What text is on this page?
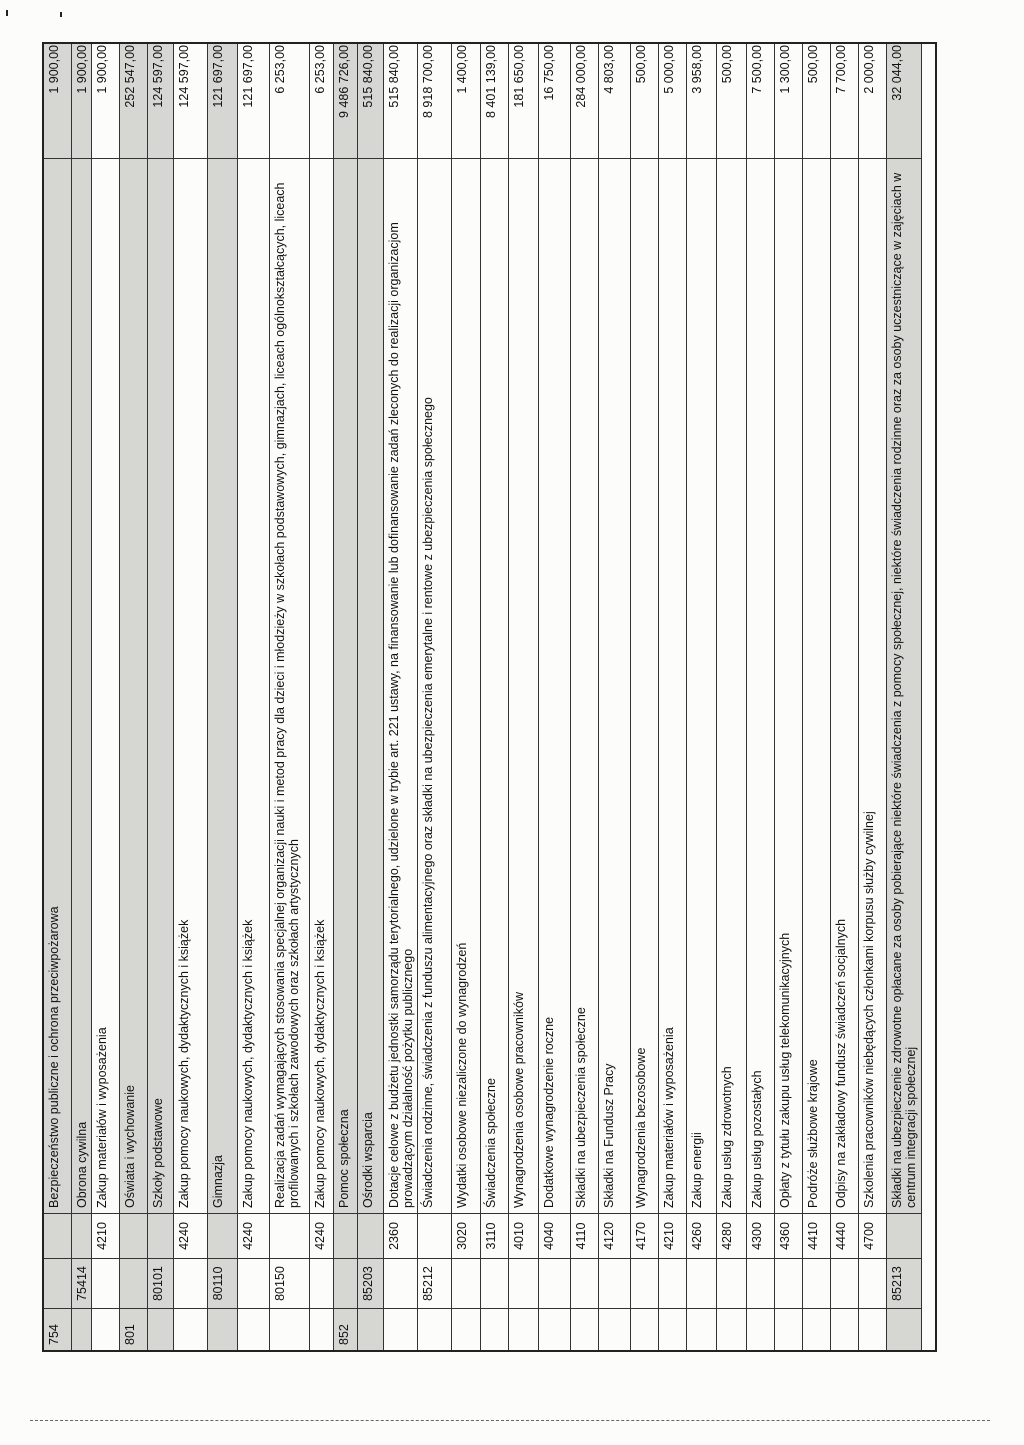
754
Bezpieczeństwo publiczne i ochrona przeciwpożarowa
1 900,00
75414
Obrona cywilna
1 900,00
4210
Zakup materiałów i wyposażenia
1 900,00
801
Oświata i wychowanie
252 547,00
80101
Szkoły podstawowe
124 597,00
4240
Zakup pomocy naukowych, dydaktycznych i książek
124 597,00
80110
Gimnazja
121 697,00
4240
Zakup pomocy naukowych, dydaktycznych i książek
121 697,00
80150
Realizacja zadań wymagających stosowania specjalnej organizacji nauki i metod pracy dla dzieci i młodzieży w szkołach podstawowych, gimnazjach, liceach ogólnokształcących, liceach profilowanych i szkołach zawodowych oraz szkołach artystycznych
6 253,00
4240
Zakup pomocy naukowych, dydaktycznych i książek
6 253,00
852
Pomoc społeczna
9 486 726,00
85203
Ośrodki wsparcia
515 840,00
2360
Dotacje celowe z budżetu jednostki samorządu terytorialnego, udzielone w trybie art. 221 ustawy, na finansowanie lub dofinansowanie zadań zleconych do realizacji organizacjom prowadzącym działalność pożytku publicznego
515 840,00
85212
Świadczenia rodzinne, świadczenia z funduszu alimentacyjnego oraz składki na ubezpieczenia emerytalne i rentowe z ubezpieczenia społecznego
8 918 700,00
3020
Wydatki osobowe niezaliczone do wynagrodzeń
1 400,00
3110
Świadczenia społeczne
8 401 139,00
4010
Wynagrodzenia osobowe pracowników
181 650,00
4040
Dodatkowe wynagrodzenie roczne
16 750,00
4110
Składki na ubezpieczenia społeczne
284 000,00
4120
Składki na Fundusz Pracy
4 803,00
4170
Wynagrodzenia bezosobowe
500,00
4210
Zakup materiałów i wyposażenia
5 000,00
4260
Zakup energii
3 958,00
4280
Zakup usług zdrowotnych
500,00
4300
Zakup usług pozostałych
7 500,00
4360
Opłaty z tytułu zakupu usług telekomunikacyjnych
1 300,00
4410
Podróże służbowe krajowe
500,00
4440
Odpisy na zakładowy fundusz świadczeń socjalnych
7 700,00
4700
Szkolenia pracowników niebędących członkami korpusu służby cywilnej
2 000,00
85213
Składki na ubezpieczenie zdrowotne opłacane za osoby pobierające niektóre świadczenia z pomocy społecznej, niektóre świadczenia rodzinne oraz za osoby uczestniczące w zajęciach w centrum integracji społecznej
32 044,00
